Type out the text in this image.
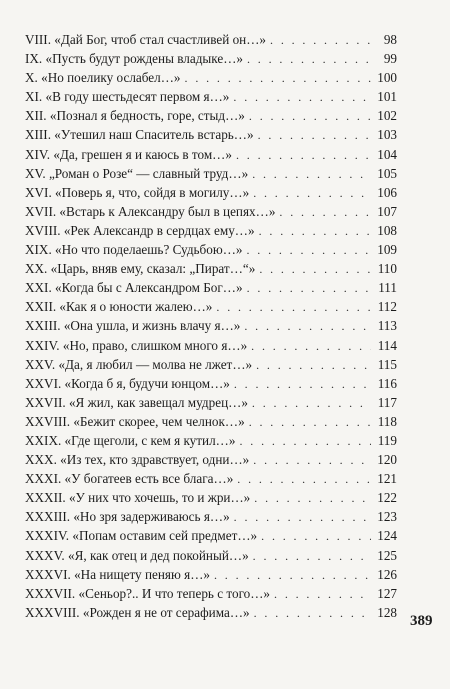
VIII. «Дай Бог, чтоб стал счастливей он…» . . .	98
IX. «Пусть будут рождены владыке…» . . .	99
X. «Но поелику ослабел…» . . .	100
XI. «В году шестьдесят первом я…» . . .	101
XII. «Познал я бедность, горе, стыд…» . . .	102
XIII. «Утешил наш Спаситель встарь…» . . .	103
XIV. «Да, грешен я и каюсь в том…» . . .	104
XV. „Роман о Розе“ — славный труд…» . . .	105
XVI. «Поверь я, что, сойдя в могилу…» . . .	106
XVII. «Встарь к Александру был в цепях…» . . .	107
XVIII. «Рек Александр в сердцах ему…» . . .	108
XIX. «Но что поделаешь? Судьбою…» . . .	109
XX. «Царь, вняв ему, сказал: „Пират…“» . . .	110
XXI. «Когда бы с Александром Бог…» . . .	111
XXII. «Как я о юности жалею…» . . .	112
XXIII. «Она ушла, и жизнь влачу я…» . . .	113
XXIV. «Но, право, слишком много я…» . . .	114
XXV. «Да, я любил — молва не лжет…» . . .	115
XXVI. «Когда б я, будучи юнцом…» . . .	116
XXVII. «Я жил, как завещал мудрец…» . . .	117
XXVIII. «Бежит скорее, чем челнок…» . . .	118
XXIX. «Где щеголи, с кем я кутил…» . . .	119
XXX. «Из тех, кто здравствует, одни…» . . .	120
XXXI. «У богатеев есть все блага…» . . .	121
XXXII. «У них что хочешь, то и жри…» . . .	122
XXXIII. «Но зря задерживаюсь я…» . . .	123
XXXIV. «Попам оставим сей предмет…» . . .	124
XXXV. «Я, как отец и дед покойный…» . . .	125
XXXVI. «На нищету пеняю я…» . . .	126
XXXVII. «Сеньор?.. И что теперь с того…» . . .	127
XXXVIII. «Рожден я не от серафима…» . . .	128
389
